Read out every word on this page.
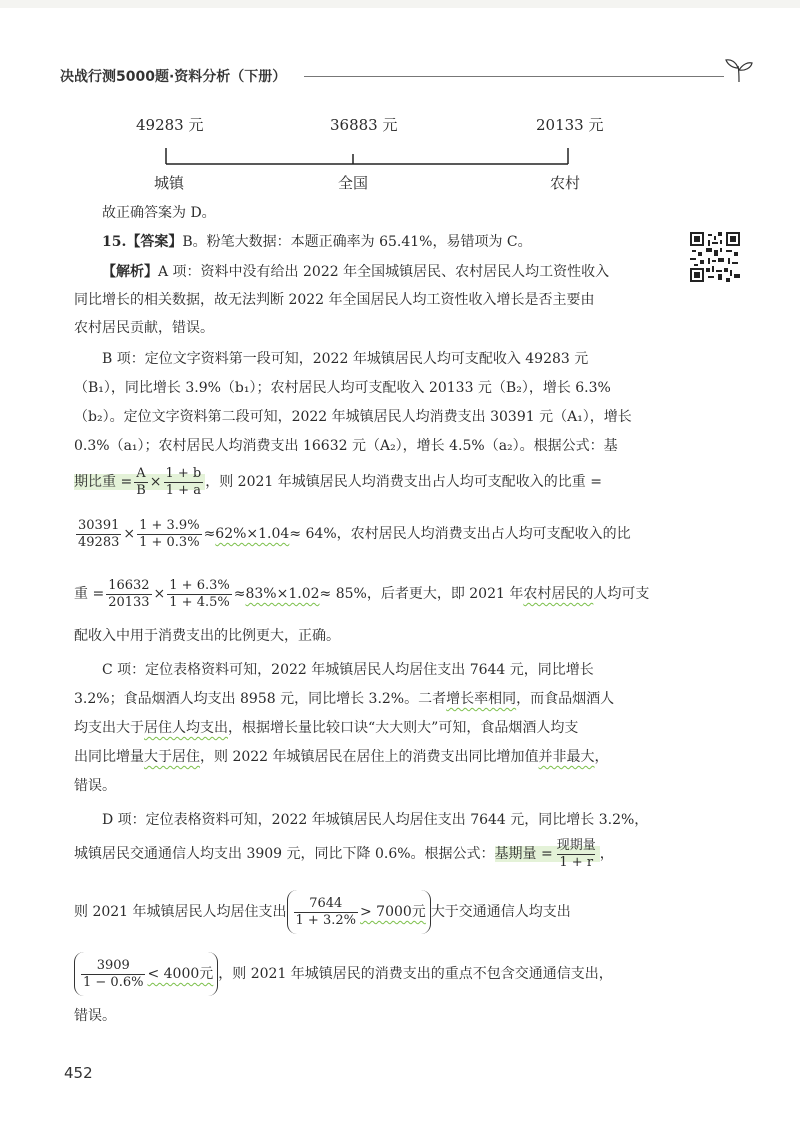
决战行测5000题·资料分析（下册）
49283 元	36883 元	20133 元
城镇	全国	农村
故正确答案为 D。
15.【答案】B。粉笔大数据：本题正确率为 65.41%，易错项为 C。
【解析】A 项：资料中没有给出 2022 年全国城镇居民、农村居民人均工资性收入
同比增长的相关数据，故无法判断 2022 年全国居民人均工资性收入增长是否主要由
农村居民贡献，错误。
B 项：定位文字资料第一段可知，2022 年城镇居民人均可支配收入 49283 元
（B₁），同比增长 3.9%（b₁）；农村居民人均可支配收入 20133 元（B₂），增长 6.3%
（b₂）。定位文字资料第二段可知，2022 年城镇居民人均消费支出 30391 元（A₁），增长
0.3%（a₁）；农村居民人均消费支出 16632 元（A₂），增长 4.5%（a₂）。根据公式：基
期比重 = $\frac{A}{B} \times \frac{1 + b}{1 + a}$ ，则 2021 年城镇居民人均消费支出占人均可支配收入的比重 =
$\frac{30391}{49283} \times \frac{1 + 3.9\%}{1 + 0.3\%} \approx 62\%\times 1.04\approx 64\%$，农村居民人均消费支出占人均可支配收入的比
重 = $\frac{16632}{20133} \times \frac{1 + 6.3\%}{1 + 4.5\%} \approx 83\%\times 1.02\approx 85\%$，后者更大，即 2021 年农村居民的人均可支
配收入中用于消费支出的比例更大，正确。
C 项：定位表格资料可知，2022 年城镇居民人均居住支出 7644 元，同比增长
3.2%；食品烟酒人均支出 8958 元，同比增长 3.2%。二者增长率相同，而食品烟酒人
均支出大于居住人均支出，根据增长量比较口诀“大大则大”可知，食品烟酒人均支
出同比增量大于居住，则 2022 年城镇居民在居住上的消费支出同比增加值并非最大，
错误。
D 项：定位表格资料可知，2022 年城镇居民人均居住支出 7644 元，同比增长 3.2%，
城镇居民交通通信人均支出 3909 元，同比下降 0.6%。根据公式：基期量 = $\frac{\text{现期量}}{1 + r}$ ，
则 2021 年城镇居民人均居住支出 $\frac{7644}{1 + 3.2\%} > 7000$元 大于交通通信人均支出
$\frac{3909}{1 - 0.6\%} < 4000$元 ，则 2021 年城镇居民的消费支出的重点不包含交通通信支出，
错误。
452
